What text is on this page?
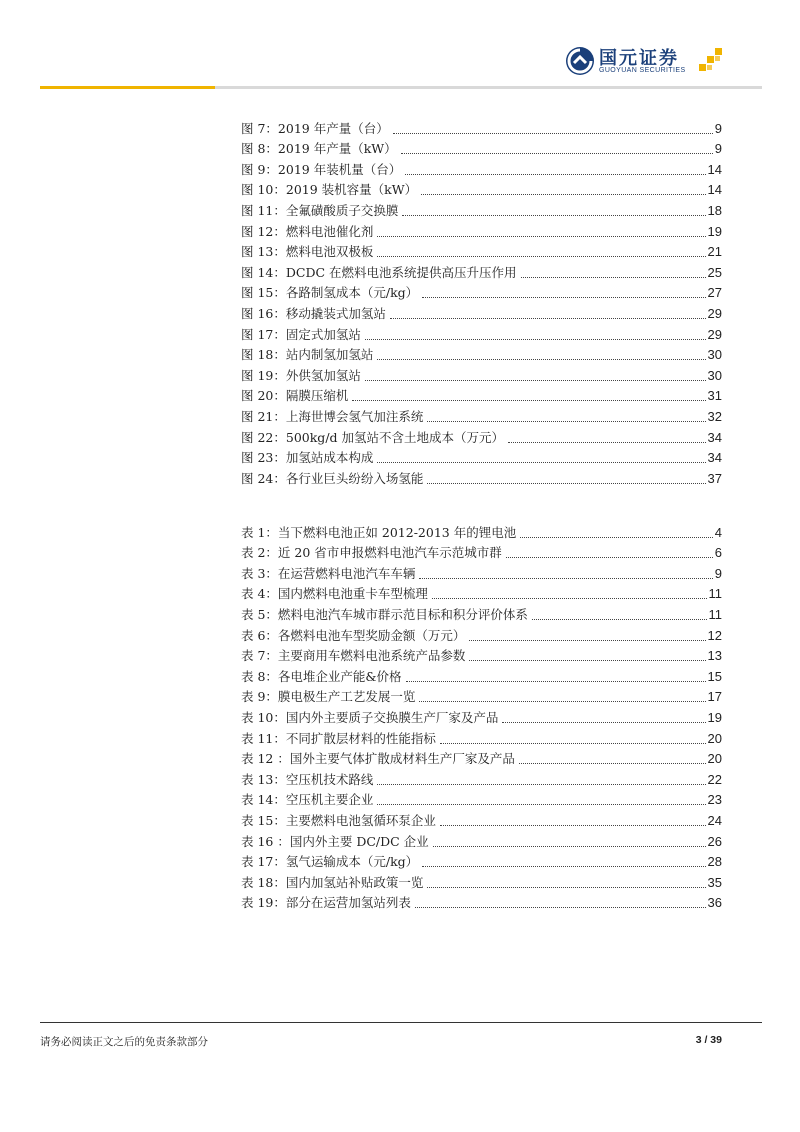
国元证券
GUOYUAN SECURITIES
图 7：2019 年产量（台）	9
图 8：2019 年产量（kW）	9
图 9：2019 年装机量（台）	14
图 10：2019 装机容量（kW）	14
图 11：全氟磺酸质子交换膜	18
图 12：燃料电池催化剂	19
图 13：燃料电池双极板	21
图 14：DCDC 在燃料电池系统提供高压升压作用	25
图 15：各路制氢成本（元/kg）	27
图 16：移动撬装式加氢站	29
图 17：固定式加氢站	29
图 18：站内制氢加氢站	30
图 19：外供氢加氢站	30
图 20：隔膜压缩机	31
图 21：上海世博会氢气加注系统	32
图 22：500kg/d 加氢站不含土地成本（万元）	34
图 23：加氢站成本构成	34
图 24：各行业巨头纷纷入场氢能	37
表 1：当下燃料电池正如 2012-2013 年的锂电池	4
表 2：近 20 省市申报燃料电池汽车示范城市群	6
表 3：在运营燃料电池汽车车辆	9
表 4：国内燃料电池重卡车型梳理	11
表 5：燃料电池汽车城市群示范目标和积分评价体系	11
表 6：各燃料电池车型奖励金额（万元）	12
表 7：主要商用车燃料电池系统产品参数	13
表 8：各电堆企业产能&价格	15
表 9：膜电极生产工艺发展一览	17
表 10：国内外主要质子交换膜生产厂家及产品	19
表 11：不同扩散层材料的性能指标	20
表 12 ：国外主要气体扩散成材料生产厂家及产品	20
表 13：空压机技术路线	22
表 14：空压机主要企业	23
表 15：主要燃料电池氢循环泵企业	24
表 16 ：国内外主要 DC/DC 企业	26
表 17：氢气运输成本（元/kg）	28
表 18：国内加氢站补贴政策一览	35
表 19：部分在运营加氢站列表	36
请务必阅读正文之后的免责条款部分	3 / 39
